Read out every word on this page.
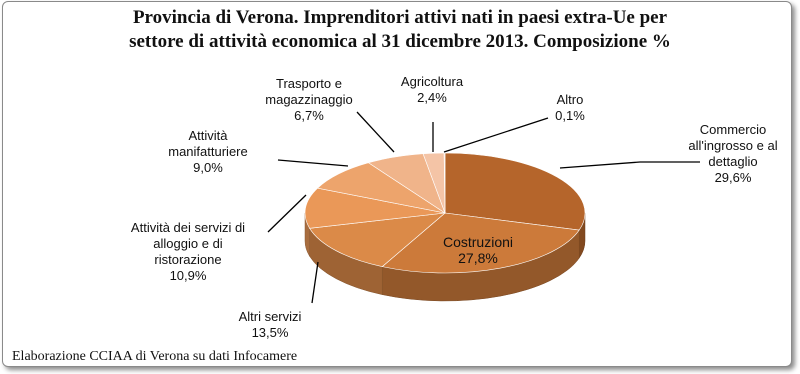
Provincia di Verona. Imprenditori attivi nati in paesi extra-Ue per
settore di attività economica al 31 dicembre 2013. Composizione %
Commercio all'ingrosso e al dettaglio 29,6%
Costruzioni 27,8%
Altri servizi 13,5%
Attività dei servizi di alloggio e di ristorazione 10,9%
Attività manifatturiere 9,0%
Trasporto e magazzinaggio 6,7%
Agricoltura 2,4%	Altro 0,1%
Elaborazione CCIAA di Verona su dati Infocamere
